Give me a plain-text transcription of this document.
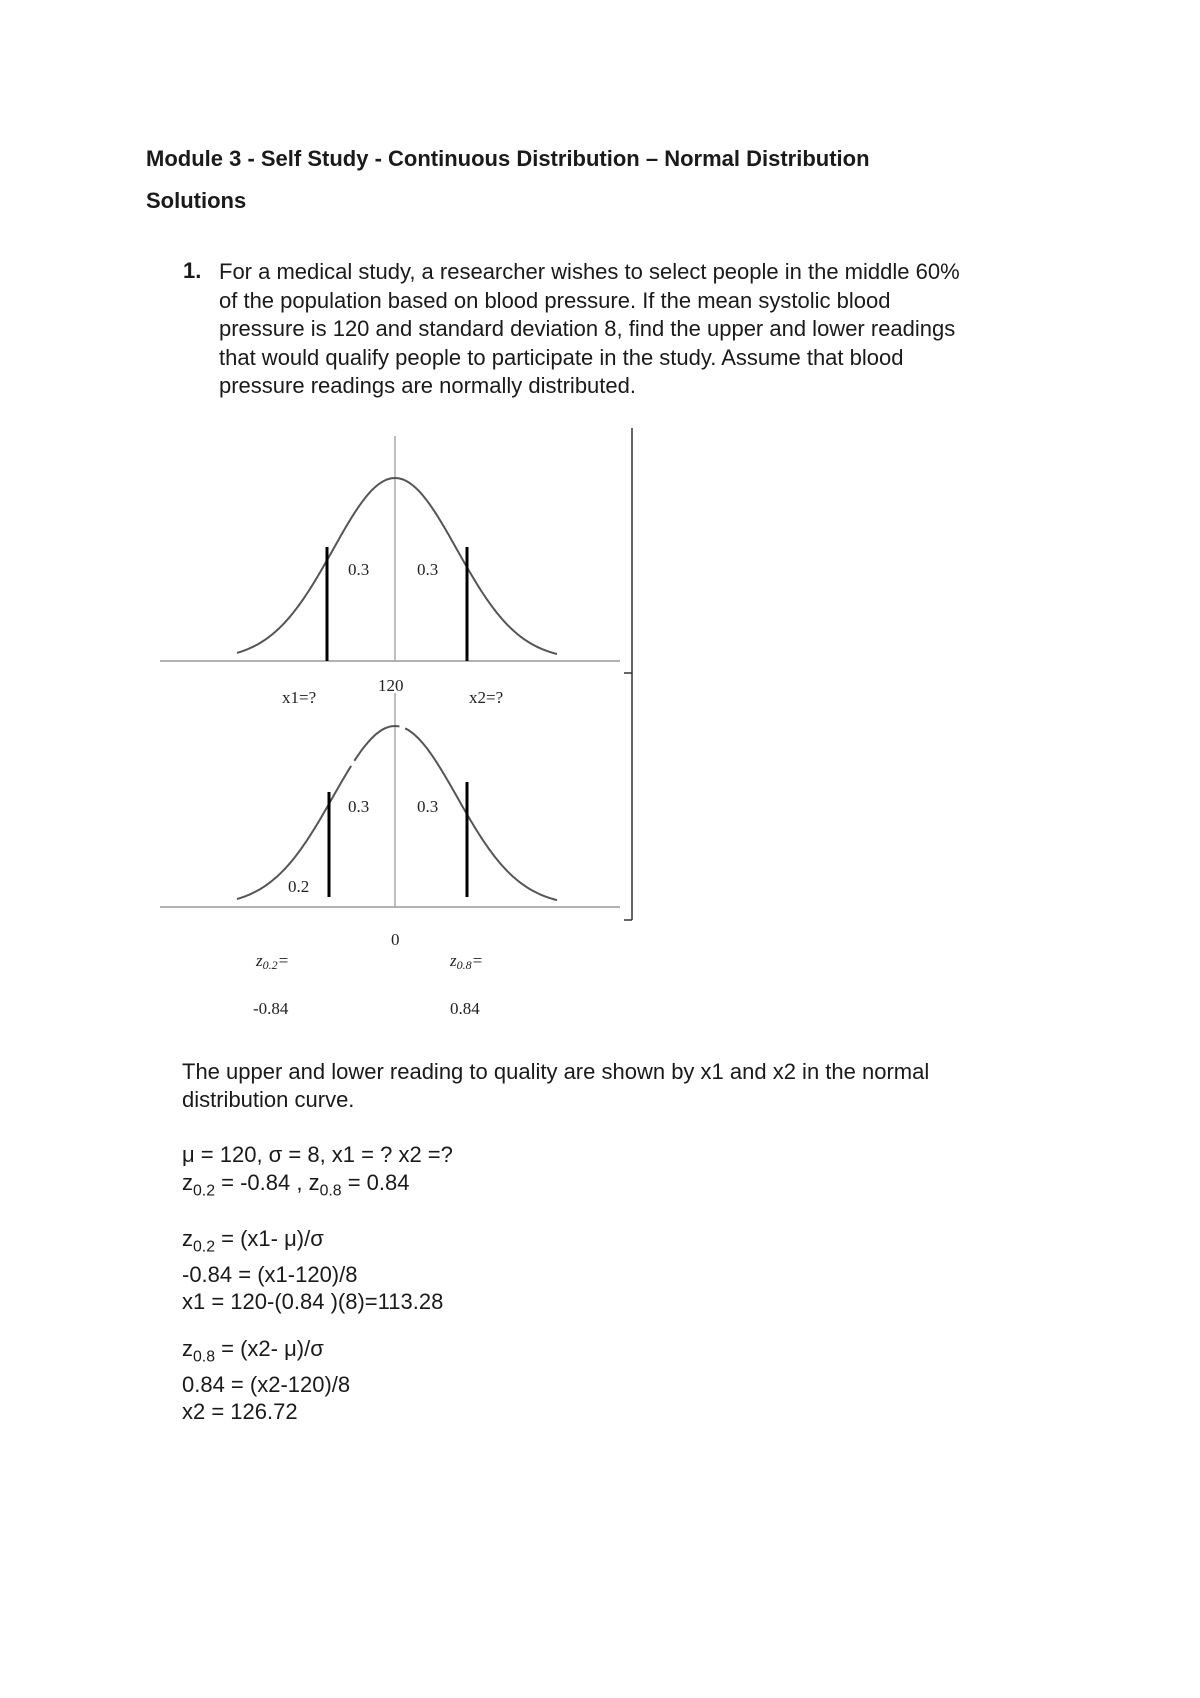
Module 3 - Self Study - Continuous Distribution – Normal Distribution
Solutions
1. For a medical study, a researcher wishes to select people in the middle 60%
of the population based on blood pressure. If the mean systolic blood
pressure is 120 and standard deviation 8, find the upper and lower readings
that would qualify people to participate in the study. Assume that blood
pressure readings are normally distributed.
0.3	0.3
120
x1=?	x2=?
0.3	0.3
0.2
0
z0.2=	z0.8=
-0.84	0.84
The upper and lower reading to quality are shown by x1 and x2 in the normal
distribution curve.
μ = 120, σ = 8, x1 = ? x2 =?
$z_{0.2} = -0.84$ , $z_{0.8} = 0.84$
$z_{0.2} = (x1-$ μ)/σ
-0.84 = (x1-120)/8
x1 = 120-(0.84 )(8)=113.28
$z_{0.8} = (x2-$ μ)/σ
0.84 = (x2-120)/8
x2 = 126.72
